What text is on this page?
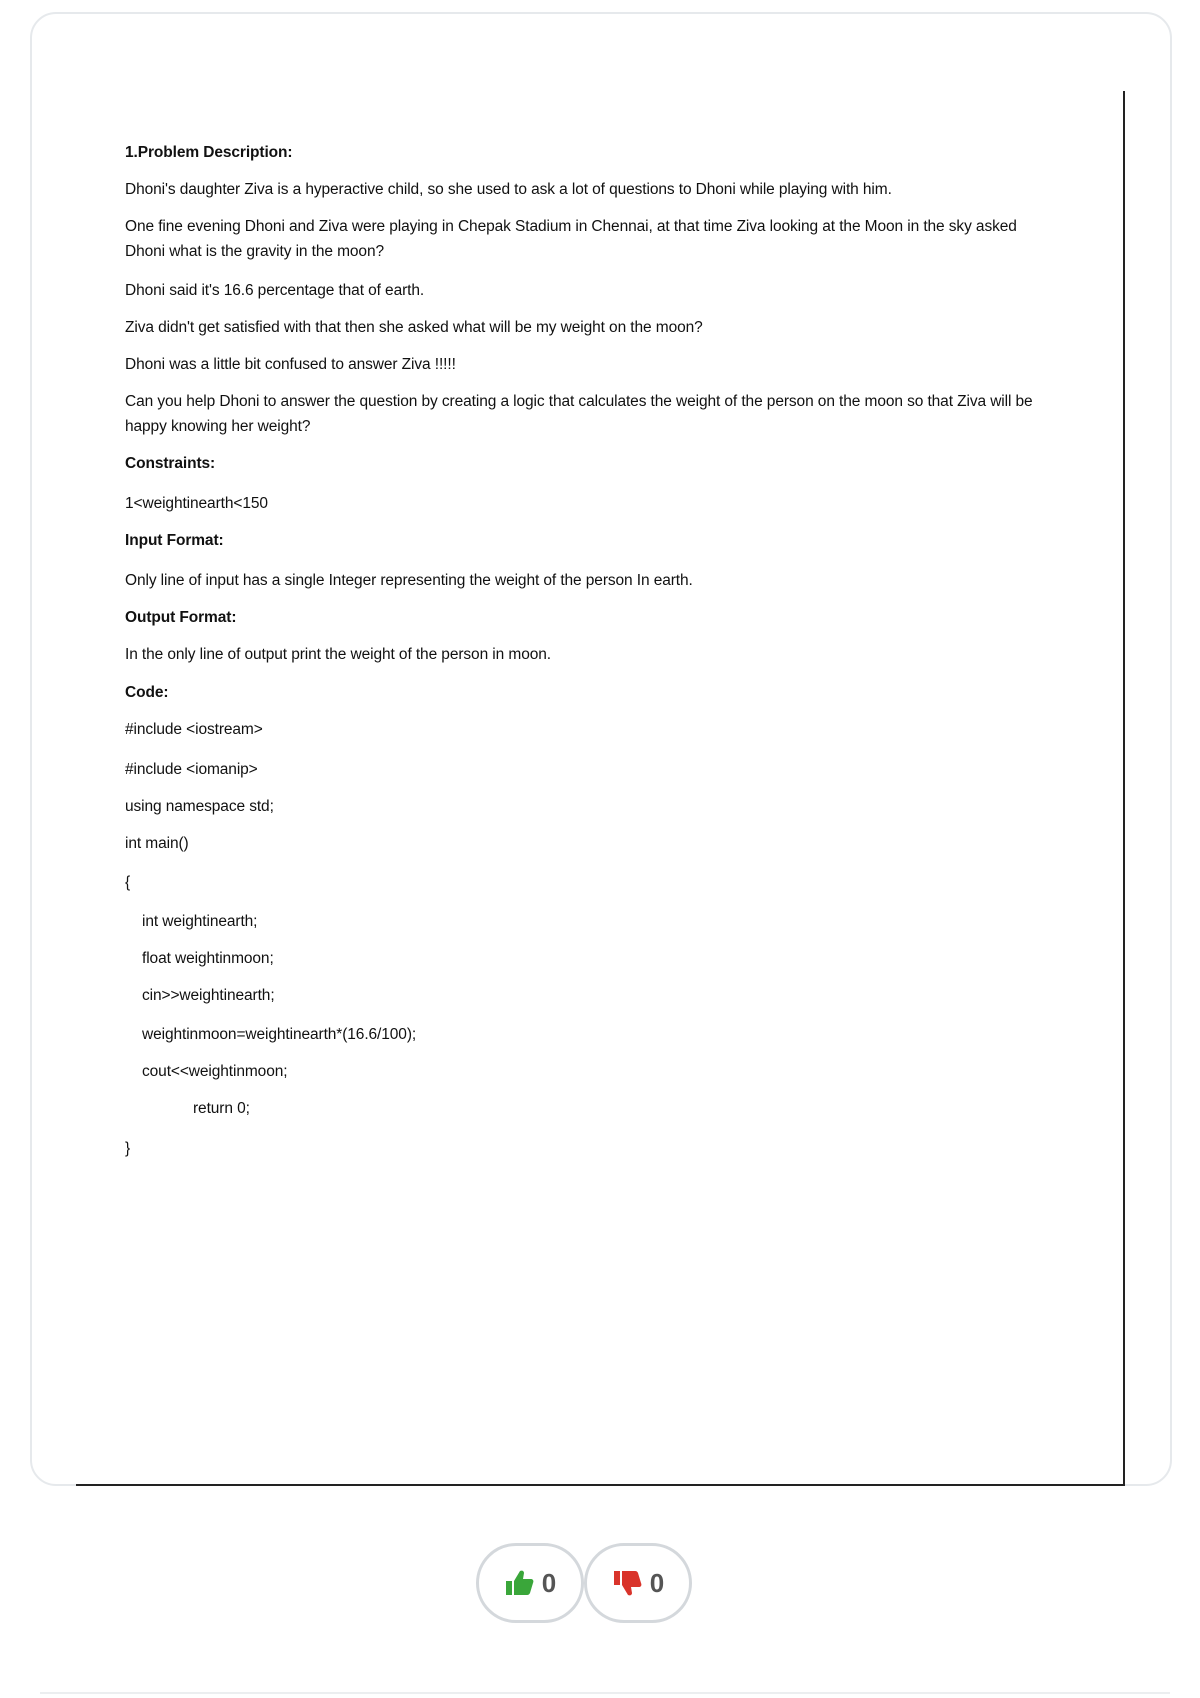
1.Problem Description:

Dhoni's daughter Ziva is a hyperactive child, so she used to ask a lot of questions to Dhoni while playing with him.

One fine evening Dhoni and Ziva were playing in Chepak Stadium in Chennai, at that time Ziva looking at the Moon in the sky asked Dhoni what is the gravity in the moon?

Dhoni said it's 16.6 percentage that of earth.

Ziva didn't get satisfied with that then she asked what will be my weight on the moon?

Dhoni was a little bit confused to answer Ziva !!!!!

Can you help Dhoni to answer the question by creating a logic that calculates the weight of the person on the moon so that Ziva will be happy knowing her weight?

Constraints:

1<weightinearth<150

Input Format:

Only line of input has a single Integer representing the weight of the person In earth.

Output Format:

In the only line of output print the weight of the person in moon.

Code:

#include <iostream>

#include <iomanip>

using namespace std;

int main()

{

int weightinearth;

float weightinmoon;

cin>>weightinearth;

weightinmoon=weightinearth*(16.6/100);

cout<<weightinmoon;

return 0;

}

0	0
